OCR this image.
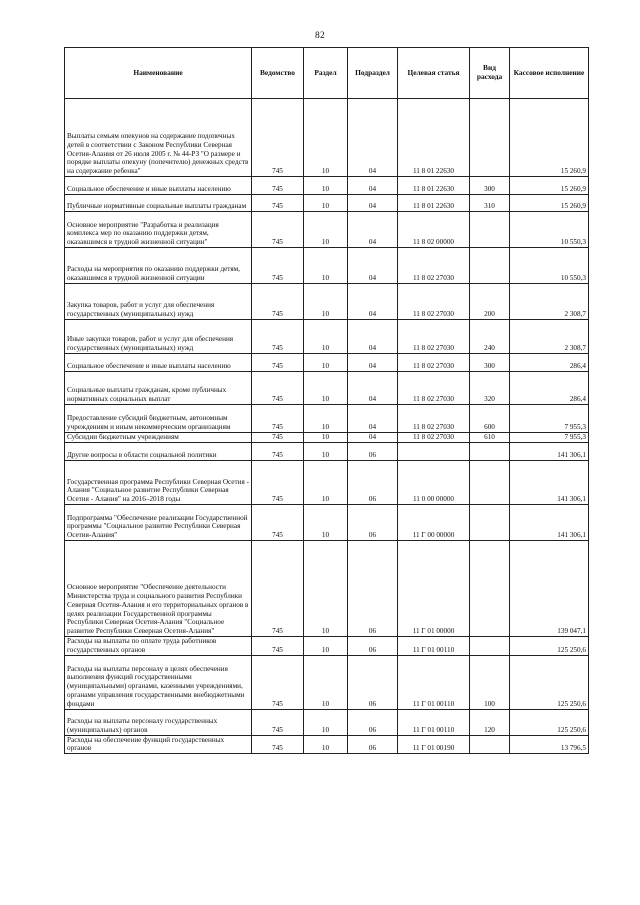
82
Наименование	Ведомство	Раздел	Подраздел	Целевая статья	Вид расхода	Кассовое исполнение
Выплаты семьям опекунов на содержание подопечных детей в соответствии с Законом Республики Северная Осетия-Алания от 26 июля 2005 г. № 44-РЗ "О размере и порядке выплаты опекуну (попечителю) денежных средств на содержание ребенка"	745	10	04	11 8 01 22630		15 260,9
Социальное обеспечение и иные выплаты населению	745	10	04	11 8 01 22630	300	15 260,9
Публичные нормативные социальные выплаты гражданам	745	10	04	11 8 01 22630	310	15 260,9
Основное мероприятие "Разработка и реализация комплекса мер по оказанию поддержки детям, оказавшимся в трудной жизненной ситуации"	745	10	04	11 8 02 00000		10 550,3
Расходы на мероприятия по оказанию поддержки детям, оказавшимся в трудной жизненной ситуации	745	10	04	11 8 02 27030		10 550,3
Закупка товаров, работ и услуг для обеспечения государственных (муниципальных) нужд	745	10	04	11 8 02 27030	200	2 308,7
Иные закупки товаров, работ и услуг для обеспечения государственных (муниципальных) нужд	745	10	04	11 8 02 27030	240	2 308,7
Социальное обеспечение и иные выплаты населению	745	10	04	11 8 02 27030	300	286,4
Социальные выплаты гражданам, кроме публичных нормативных социальных выплат	745	10	04	11 8 02 27030	320	286,4
Предоставление субсидий бюджетным, автономным учреждениям и иным некоммерческим организациям	745	10	04	11 8 02 27030	600	7 955,3
Субсидии бюджетным учреждениям	745	10	04	11 8 02 27030	610	7 955,3
Другие вопросы в области социальной политики	745	10	06			141 306,1
Государственная программа Республики Северная Осетия - Алания "Социальное развитие Республики Северная Осетия - Алания" на 2016–2018 годы	745	10	06	11 0 00 00000		141 306,1
Подпрограмма "Обеспечение реализации Государственной программы "Социальное развитие Республики Северная Осетия-Алания"	745	10	06	11 Г 00 00000		141 306,1
Основное мероприятие "Обеспечение деятельности Министерства труда и социального развития Республики Северная Осетия-Алания и его территориальных органов в целях реализации Государственной программы Республики Северная Осетия-Алания "Социальное развитие Республики Северная Осетия-Алания"	745	10	06	11 Г 01 00000		139 047,1
Расходы на выплаты по оплате труда работников государственных органов	745	10	06	11 Г 01 00110		125 250,6
Расходы на выплаты персоналу в целях обеспечения выполнения функций государственными (муниципальными) органами, казенными учреждениями, органами управления государственными внебюджетными фондами	745	10	06	11 Г 01 00110	100	125 250,6
Расходы на выплаты персоналу государственных (муниципальных) органов	745	10	06	11 Г 01 00110	120	125 250,6
Расходы на обеспечение функций государственных органов	745	10	06	11 Г 01 00190		13 796,5
